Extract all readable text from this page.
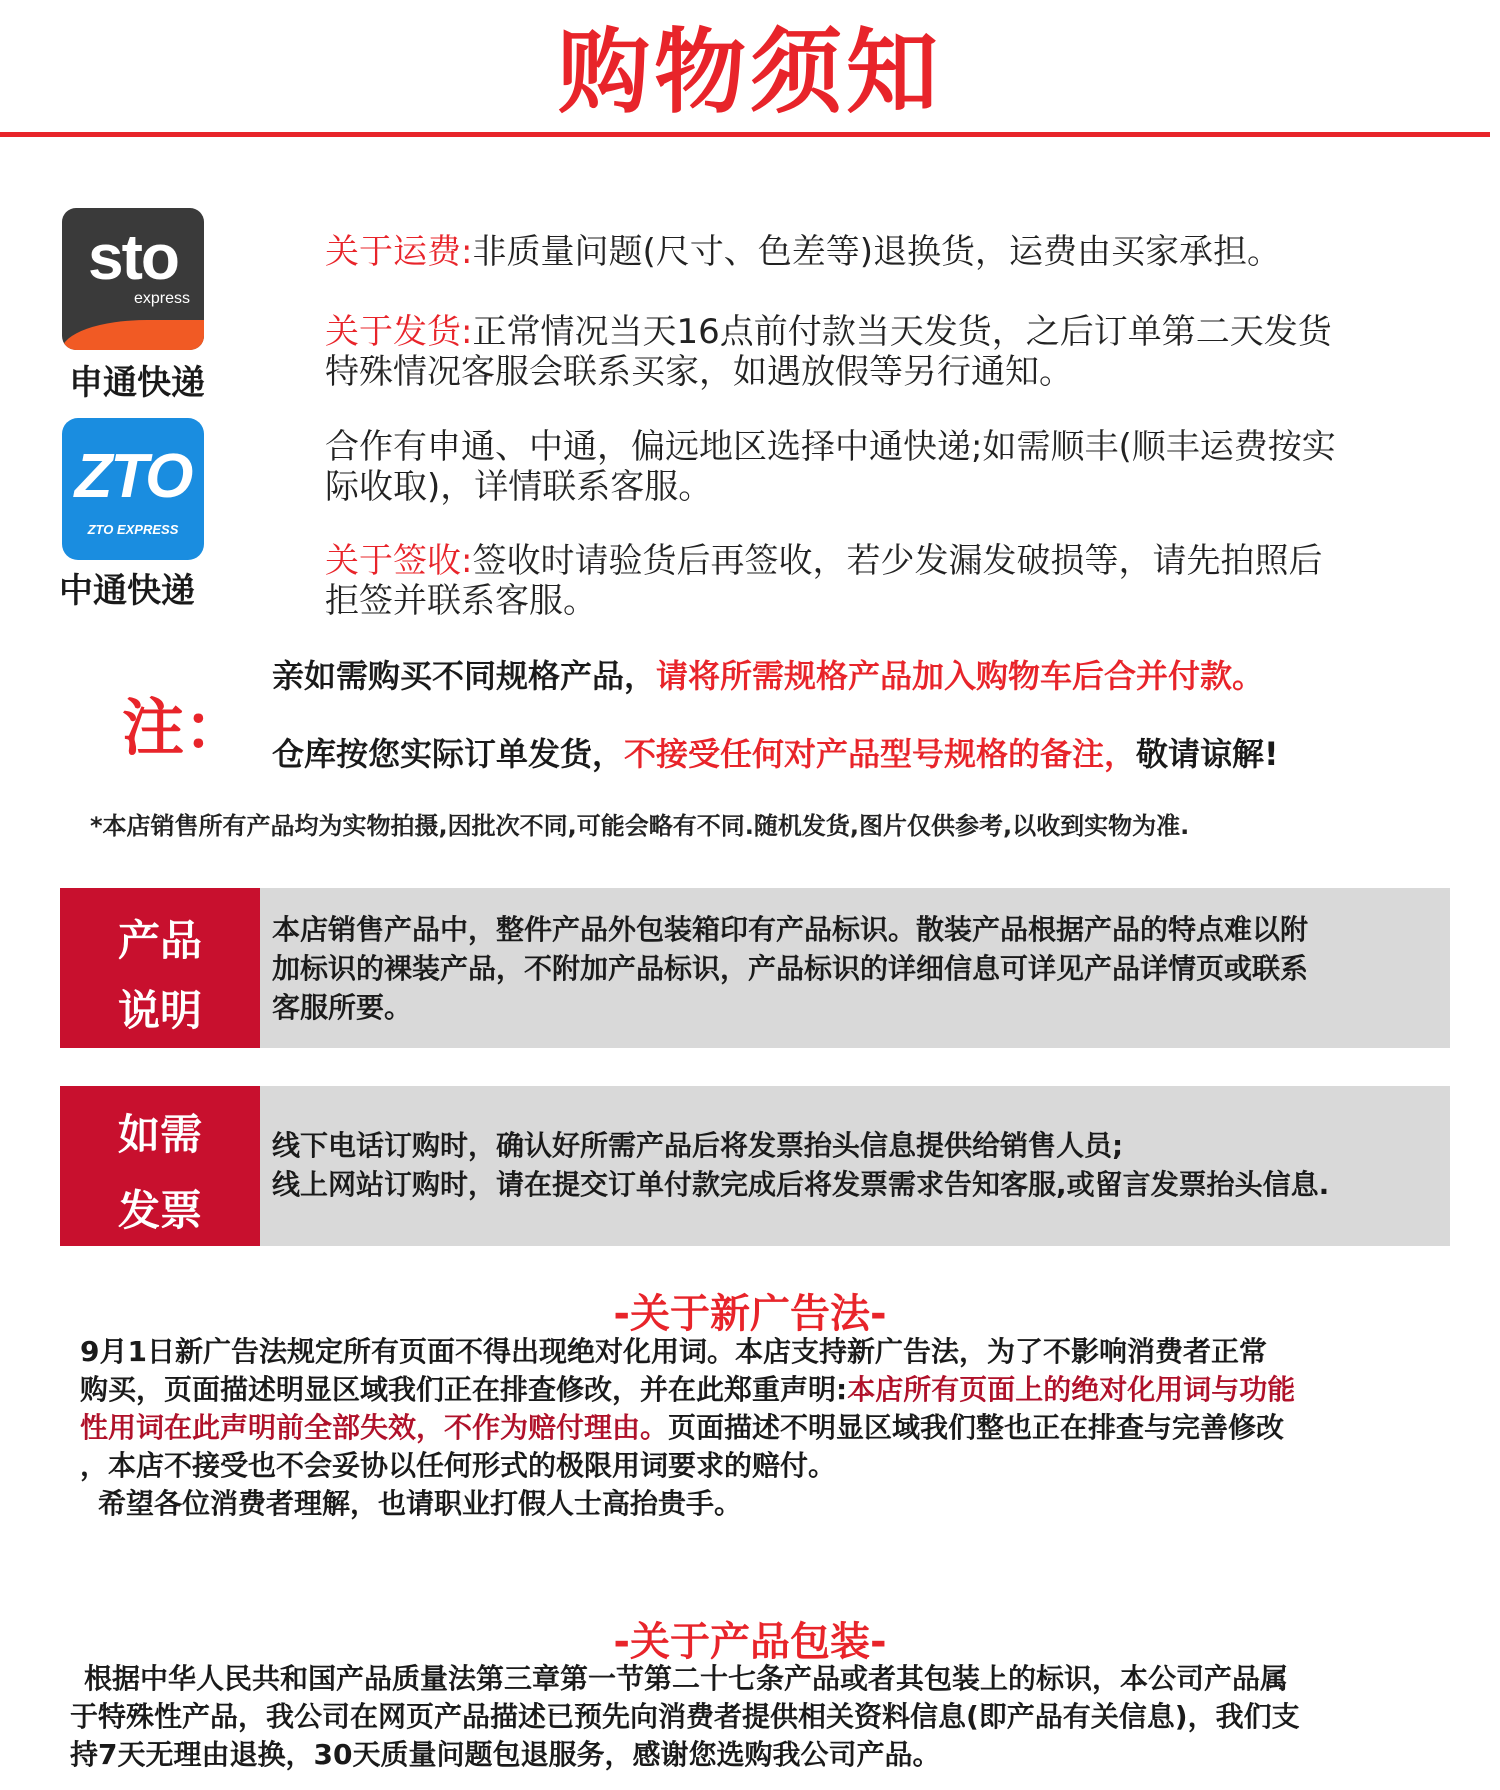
购物须知
sto
express
申通快递
ZTO
ZTO EXPRESS
中通快递
关于运费:非质量问题(尺寸、色差等)退换货，运费由买家承担。
关于发货:正常情况当天16点前付款当天发货，之后订单第二天发货
特殊情况客服会联系买家，如遇放假等另行通知。
合作有申通、中通，偏远地区选择中通快递;如需顺丰(顺丰运费按实
际收取)，详情联系客服。
关于签收:签收时请验货后再签收，若少发漏发破损等，请先拍照后
拒签并联系客服。
注：
亲如需购买不同规格产品，请将所需规格产品加入购物车后合并付款。
仓库按您实际订单发货，不接受任何对产品型号规格的备注，敬请谅解!
*本店销售所有产品均为实物拍摄,因批次不同,可能会略有不同.随机发货,图片仅供参考,以收到实物为准.
产品
说明
本店销售产品中，整件产品外包装箱印有产品标识。散装产品根据产品的特点难以附
加标识的裸装产品，不附加产品标识，产品标识的详细信息可详见产品详情页或联系
客服所要。
如需
发票
线下电话订购时，确认好所需产品后将发票抬头信息提供给销售人员;
线上网站订购时，请在提交订单付款完成后将发票需求告知客服,或留言发票抬头信息.
-关于新广告法-
9月1日新广告法规定所有页面不得出现绝对化用词。本店支持新广告法，为了不影响消费者正常
购买，页面描述明显区域我们正在排查修改，并在此郑重声明:本店所有页面上的绝对化用词与功能
性用词在此声明前全部失效，不作为赔付理由。页面描述不明显区域我们整也正在排查与完善修改
，本店不接受也不会妥协以任何形式的极限用词要求的赔付。
希望各位消费者理解，也请职业打假人士高抬贵手。
-关于产品包装-
根据中华人民共和国产品质量法第三章第一节第二十七条产品或者其包装上的标识，本公司产品属
于特殊性产品，我公司在网页产品描述已预先向消费者提供相关资料信息(即产品有关信息)，我们支
持7天无理由退换，30天质量问题包退服务，感谢您选购我公司产品。
